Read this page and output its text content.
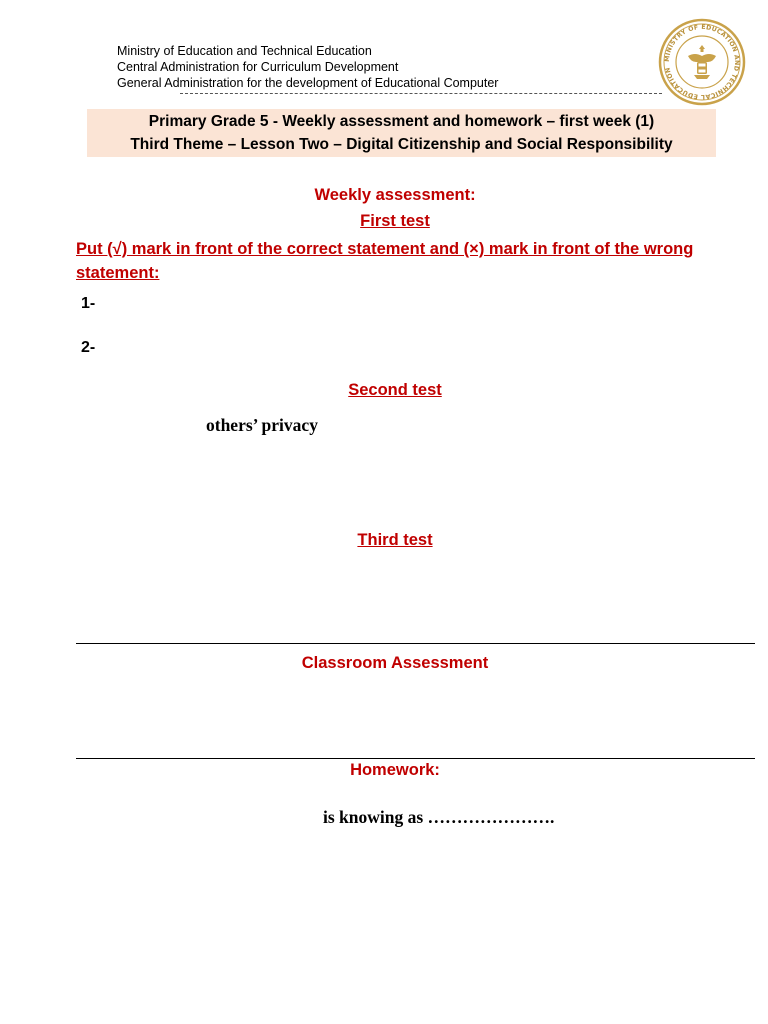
Ministry of Education and Technical Education
Central Administration for Curriculum Development
General Administration for the development of Educational Computer
MINISTRY OF EDUCATION AND TECHNICAL EDUCATION
Primary Grade 5 - Weekly assessment and homework – first week (1)
Third Theme – Lesson Two – Digital Citizenship and Social Responsibility
Weekly assessment:
First test
Put (√) mark in front of the correct statement and (×) mark in front of the wrong statement:
1-
2-
Second test
others’ privacy
Third test
Classroom Assessment
Homework:
is knowing as ………………….
